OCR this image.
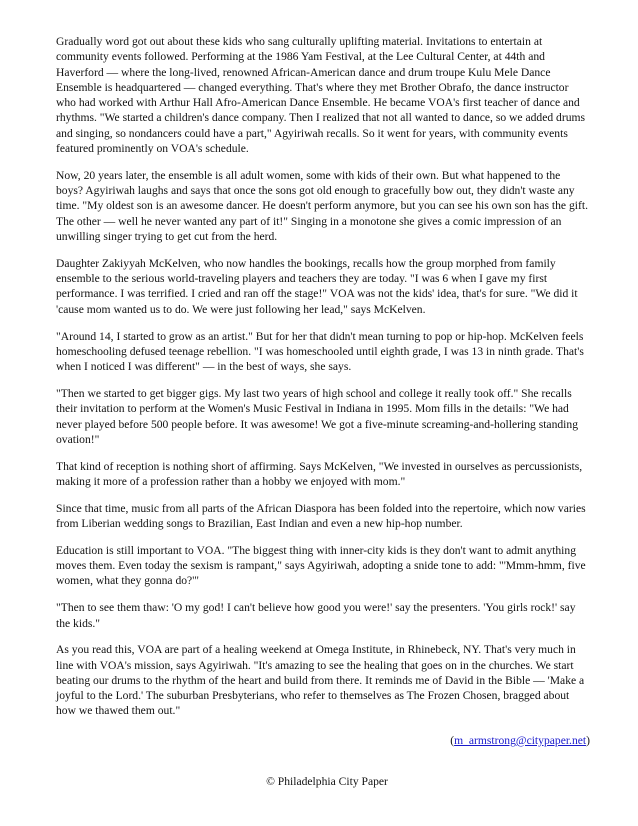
Gradually word got out about these kids who sang culturally uplifting material. Invitations to entertain at community events followed. Performing at the 1986 Yam Festival, at the Lee Cultural Center, at 44th and Haverford — where the long-lived, renowned African-American dance and drum troupe Kulu Mele Dance Ensemble is headquartered — changed everything. That's where they met Brother Obrafo, the dance instructor who had worked with Arthur Hall Afro-American Dance Ensemble. He became VOA's first teacher of dance and rhythms. "We started a children's dance company. Then I realized that not all wanted to dance, so we added drums and singing, so nondancers could have a part," Agyiriwah recalls. So it went for years, with community events featured prominently on VOA's schedule.

Now, 20 years later, the ensemble is all adult women, some with kids of their own. But what happened to the boys? Agyiriwah laughs and says that once the sons got old enough to gracefully bow out, they didn't waste any time. "My oldest son is an awesome dancer. He doesn't perform anymore, but you can see his own son has the gift. The other — well he never wanted any part of it!" Singing in a monotone she gives a comic impression of an unwilling singer trying to get cut from the herd.

Daughter Zakiyyah McKelven, who now handles the bookings, recalls how the group morphed from family ensemble to the serious world-traveling players and teachers they are today. "I was 6 when I gave my first performance. I was terrified. I cried and ran off the stage!" VOA was not the kids' idea, that's for sure. "We did it 'cause mom wanted us to do. We were just following her lead," says McKelven.

"Around 14, I started to grow as an artist." But for her that didn't mean turning to pop or hip-hop. McKelven feels homeschooling defused teenage rebellion. "I was homeschooled until eighth grade, I was 13 in ninth grade. That's when I noticed I was different" — in the best of ways, she says.

"Then we started to get bigger gigs. My last two years of high school and college it really took off." She recalls their invitation to perform at the Women's Music Festival in Indiana in 1995. Mom fills in the details: "We had never played before 500 people before. It was awesome! We got a five-minute screaming-and-hollering standing ovation!"

That kind of reception is nothing short of affirming. Says McKelven, "We invested in ourselves as percussionists, making it more of a profession rather than a hobby we enjoyed with mom."

Since that time, music from all parts of the African Diaspora has been folded into the repertoire, which now varies from Liberian wedding songs to Brazilian, East Indian and even a new hip-hop number.

Education is still important to VOA. "The biggest thing with inner-city kids is they don't want to admit anything moves them. Even today the sexism is rampant," says Agyiriwah, adopting a snide tone to add: "'Mmm-hmm, five women, what they gonna do?'"

"Then to see them thaw: 'O my god! I can't believe how good you were!' say the presenters. 'You girls rock!' say the kids."

As you read this, VOA are part of a healing weekend at Omega Institute, in Rhinebeck, NY. That's very much in line with VOA's mission, says Agyiriwah. "It's amazing to see the healing that goes on in the churches. We start beating our drums to the rhythm of the heart and build from there. It reminds me of David in the Bible — 'Make a joyful to the Lord.' The suburban Presbyterians, who refer to themselves as The Frozen Chosen, bragged about how we thawed them out."

(m_armstrong@citypaper.net)

© Philadelphia City Paper
